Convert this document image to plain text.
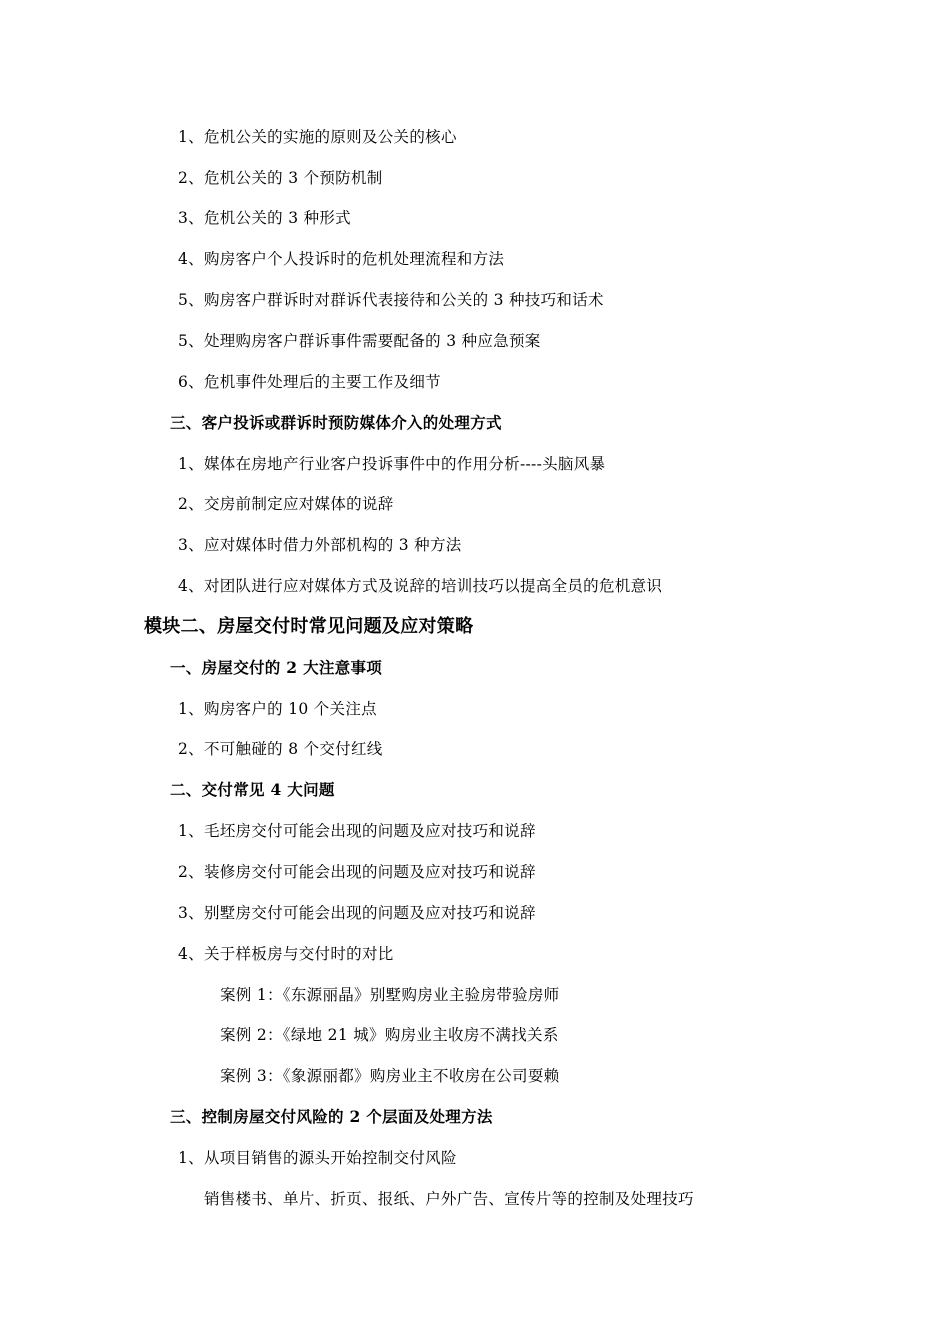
1、危机公关的实施的原则及公关的核心
2、危机公关的 3 个预防机制
3、危机公关的 3 种形式
4、购房客户个人投诉时的危机处理流程和方法
5、购房客户群诉时对群诉代表接待和公关的 3 种技巧和话术
5、处理购房客户群诉事件需要配备的 3 种应急预案
6、危机事件处理后的主要工作及细节
三、客户投诉或群诉时预防媒体介入的处理方式
1、媒体在房地产行业客户投诉事件中的作用分析----头脑风暴
2、交房前制定应对媒体的说辞
3、应对媒体时借力外部机构的 3 种方法
4、对团队进行应对媒体方式及说辞的培训技巧以提高全员的危机意识
模块二、房屋交付时常见问题及应对策略
一、房屋交付的 2 大注意事项
1、购房客户的 10 个关注点
2、不可触碰的 8 个交付红线
二、交付常见 4 大问题
1、毛坯房交付可能会出现的问题及应对技巧和说辞
2、装修房交付可能会出现的问题及应对技巧和说辞
3、别墅房交付可能会出现的问题及应对技巧和说辞
4、关于样板房与交付时的对比
案例 1：《东源丽晶》别墅购房业主验房带验房师
案例 2：《绿地 21 城》购房业主收房不满找关系
案例 3：《象源丽都》购房业主不收房在公司耍赖
三、控制房屋交付风险的 2 个层面及处理方法
1、从项目销售的源头开始控制交付风险
销售楼书、单片、折页、报纸、户外广告、宣传片等的控制及处理技巧
